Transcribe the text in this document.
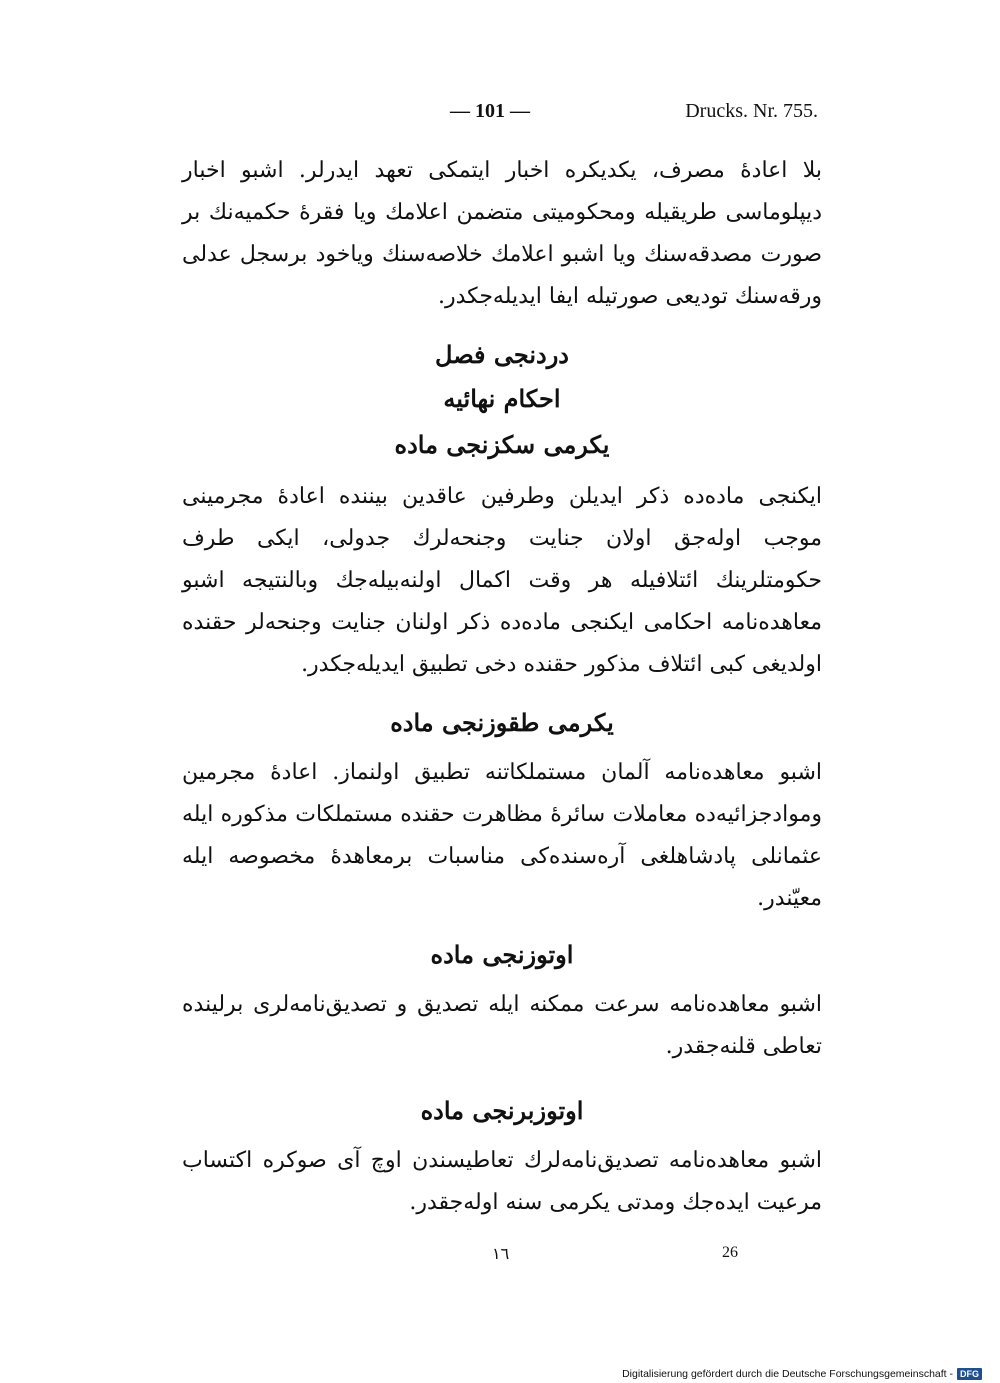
— 101 —	Drucks. Nr. 755.
بلا اعادهٔ مصرف، یکدیکره اخبار ایتمکی تعهد ایدرلر. اشبو اخبار دیپلوماسی طریقیله ومحکومیتی متضمن اعلامك ویا فقرهٔ حکمیه‌نك بر صورت مصدقه‌سنك ویا اشبو اعلامك خلاصه‌سنك ویاخود برسجل عدلی ورقه‌سنك تودیعی صورتیله ایفا ایدیله‌جکدر.
دردنجی فصل
احکام نهائیه
یکرمی سکزنجی ماده
ایکنجی ماده‌ده ذکر ایدیلن وطرفین عاقدین بیننده اعادهٔ مجرمینی موجب اوله‌جق اولان جنایت وجنحه‌لرك جدولی، ایکی طرف حکومتلرینك ائتلافیله هر وقت اکمال اولنه‌بیله‌جك وبالنتیجه اشبو معاهده‌نامه احکامی ایکنجی ماده‌ده ذکر اولنان جنایت وجنحه‌لر حقنده اولدیغی کبی ائتلاف مذکور حقنده دخی تطبیق ایدیله‌جکدر.
یکرمی طقوزنجی ماده
اشبو معاهده‌نامه آلمان مستملکاتنه تطبیق اولنماز. اعادهٔ مجرمین وموادجزائیه‌ده معاملات سائرهٔ مظاهرت حقنده مستملکات مذکوره ایله عثمانلی پادشاهلغی آره‌سنده‌کی مناسبات برمعاهدهٔ مخصوصه ایله معیّندر.
اوتوزنجی ماده
اشبو معاهده‌نامه سرعت ممکنه ایله تصدیق و تصدیق‌نامه‌لری برلینده تعاطی قلنه‌جقدر.
اوتوزبرنجی ماده
اشبو معاهده‌نامه تصدیق‌نامه‌لرك تعاطیسندن اوچ آی صوکره اکتساب مرعیت ایده‌جك ومدتی یکرمی سنه اوله‌جقدر.
١٦	26
Digitalisierung gefördert durch die Deutsche Forschungsgemeinschaft - DFG
